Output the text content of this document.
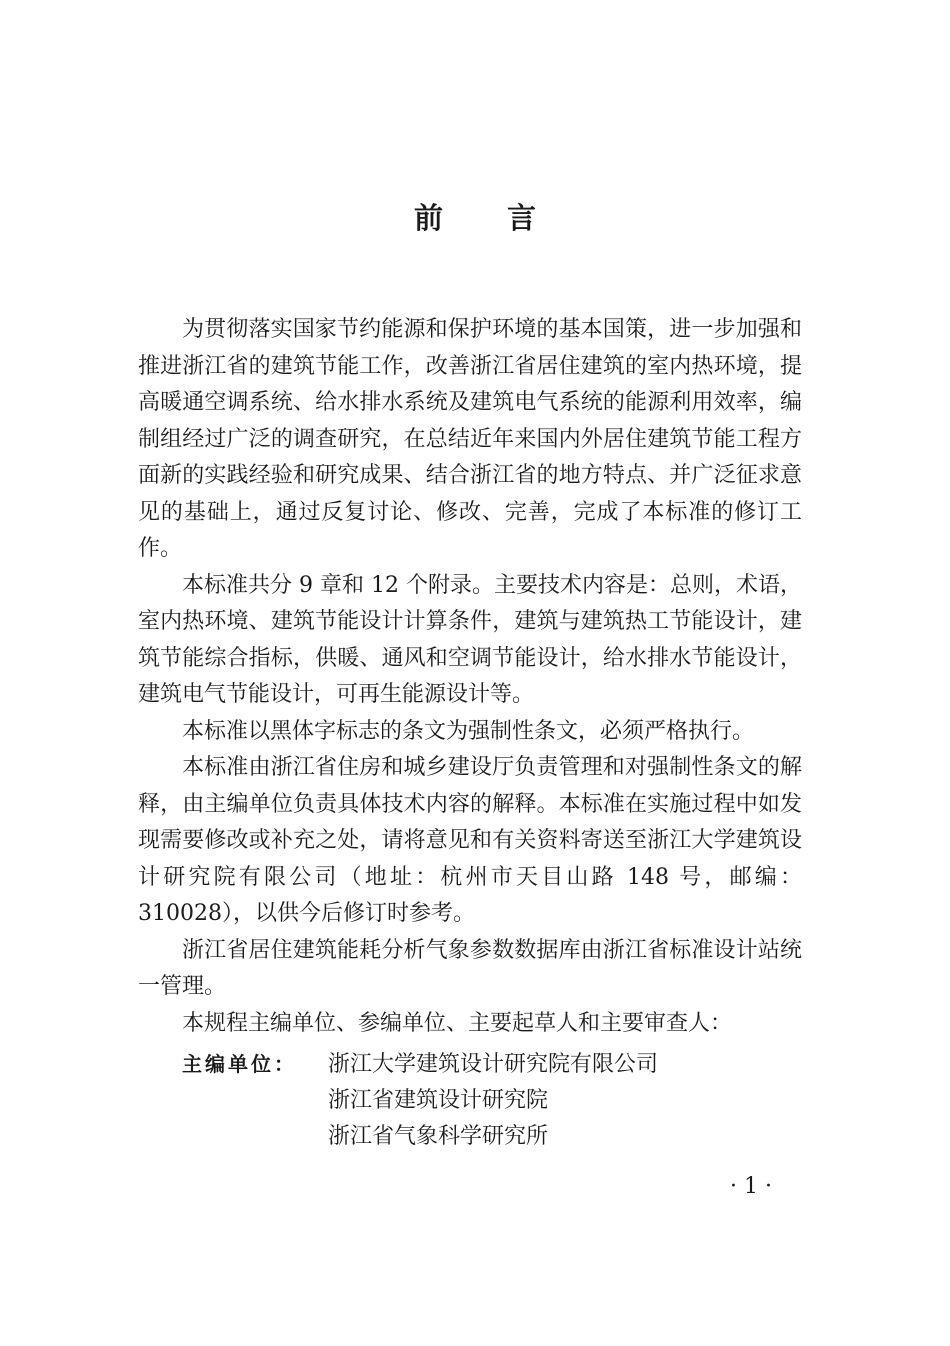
前 言

为贯彻落实国家节约能源和保护环境的基本国策，进一步加强和推进浙江省的建筑节能工作，改善浙江省居住建筑的室内热环境，提高暖通空调系统、给水排水系统及建筑电气系统的能源利用效率，编制组经过广泛的调查研究，在总结近年来国内外居住建筑节能工程方面新的实践经验和研究成果、结合浙江省的地方特点、并广泛征求意见的基础上，通过反复讨论、修改、完善，完成了本标准的修订工作。

本标准共分 9 章和 12 个附录。主要技术内容是：总则，术语，室内热环境、建筑节能设计计算条件，建筑与建筑热工节能设计，建筑节能综合指标，供暖、通风和空调节能设计，给水排水节能设计，建筑电气节能设计，可再生能源设计等。

本标准以黑体字标志的条文为强制性条文，必须严格执行。

本标准由浙江省住房和城乡建设厅负责管理和对强制性条文的解释，由主编单位负责具体技术内容的解释。本标准在实施过程中如发现需要修改或补充之处，请将意见和有关资料寄送至浙江大学建筑设计研究院有限公司（地址：杭州市天目山路 148 号，邮编：310028），以供今后修订时参考。

浙江省居住建筑能耗分析气象参数数据库由浙江省标准设计站统一管理。

本规程主编单位、参编单位、主要起草人和主要审查人：

主编单位：	浙江大学建筑设计研究院有限公司
浙江省建筑设计研究院
浙江省气象科学研究所
· 1 ·
